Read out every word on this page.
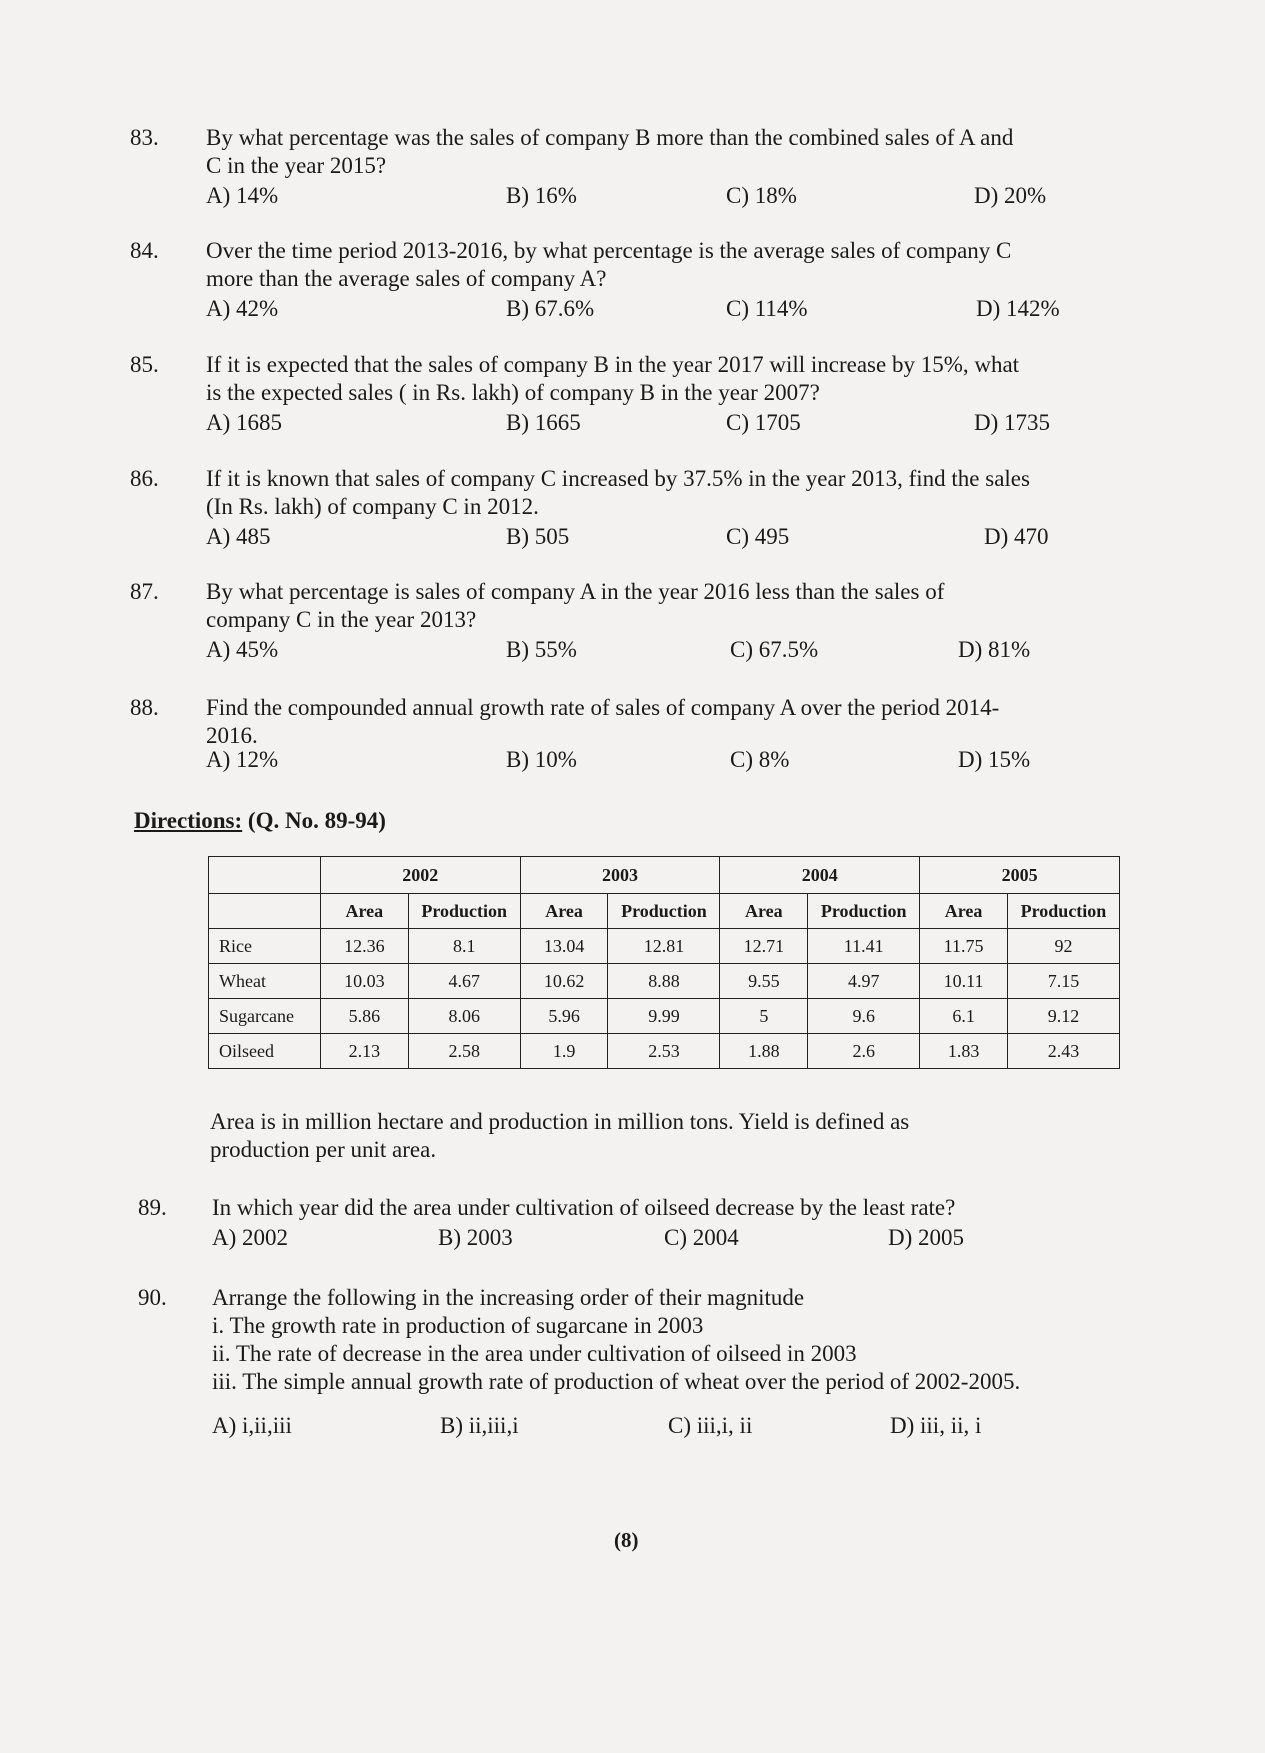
83.	By what percentage was the sales of company B more than the combined sales of A and
C in the year 2015?
A) 14%	B) 16%	C) 18%	D) 20%
84.	Over the time period 2013-2016, by what percentage is the average sales of company C
more than the average sales of company A?
A) 42%	B) 67.6%	C) 114%	D) 142%
85.	If it is expected that the sales of company B in the year 2017 will increase by 15%, what
is the expected sales ( in Rs. lakh) of company B in the year 2007?
A) 1685	B) 1665	C) 1705	D) 1735
86.	If it is known that sales of company C increased by 37.5% in the year 2013, find the sales
(In Rs. lakh) of company C in 2012.
A) 485	B) 505	C) 495	D) 470
87.	By what percentage is sales of company A in the year 2016 less than the sales of
company C in the year 2013?
A) 45%	B) 55%	C) 67.5%	D) 81%
88.	Find the compounded annual growth rate of sales of company A over the period 2014-
2016.
A) 12%	B) 10%	C) 8%	D) 15%
Directions: (Q. No. 89-94)
	2002		2003		2004		2005	
	Area	Production	Area	Production	Area	Production	Area	Production
Rice	12.36	8.1	13.04	12.81	12.71	11.41	11.75	92
Wheat	10.03	4.67	10.62	8.88	9.55	4.97	10.11	7.15
Sugarcane	5.86	8.06	5.96	9.99	5	9.6	6.1	9.12
Oilseed	2.13	2.58	1.9	2.53	1.88	2.6	1.83	2.43
Area is in million hectare and production in million tons. Yield is defined as
production per unit area.
89.	In which year did the area under cultivation of oilseed decrease by the least rate?
A) 2002	B) 2003	C) 2004	D) 2005
90.	Arrange the following in the increasing order of their magnitude
i. The growth rate in production of sugarcane in 2003
ii. The rate of decrease in the area under cultivation of oilseed in 2003
iii. The simple annual growth rate of production of wheat over the period of 2002-2005.
A) i,ii,iii	B) ii,iii,i	C) iii,i, ii	D) iii, ii, i
(8)
